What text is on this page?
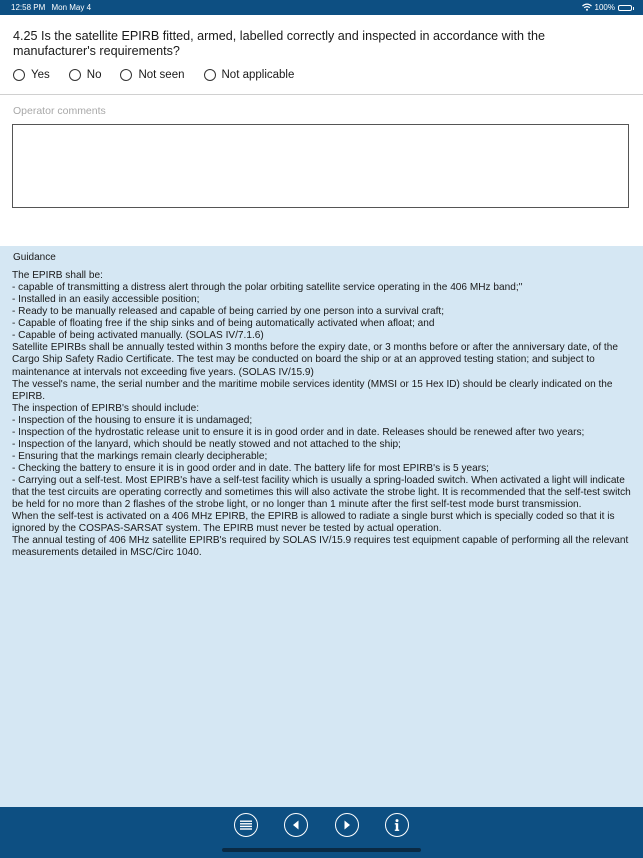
12:58 PM Mon May 4	100%
4.25 Is the satellite EPIRB fitted, armed, labelled correctly and inspected in accordance with the manufacturer's requirements?
Yes	No	Not seen	Not applicable
Operator comments
Guidance
The EPIRB shall be:
- capable of transmitting a distress alert through the polar orbiting satellite service operating in the 406 MHz band;''
- Installed in an easily accessible position;
- Ready to be manually released and capable of being carried by one person into a survival craft;
- Capable of floating free if the ship sinks and of being automatically activated when afloat; and
- Capable of being activated manually. (SOLAS IV/7.1.6)
Satellite EPIRBs shall be annually tested within 3 months before the expiry date, or 3 months before or after the anniversary date, of the Cargo Ship Safety Radio Certificate. The test may be conducted on board the ship or at an approved testing station; and subject to maintenance at intervals not exceeding five years. (SOLAS IV/15.9)
The vessel's name, the serial number and the maritime mobile services identity (MMSI or 15 Hex ID) should be clearly indicated on the EPIRB.
The inspection of EPIRB's should include:
- Inspection of the housing to ensure it is undamaged;
- Inspection of the hydrostatic release unit to ensure it is in good order and in date. Releases should be renewed after two years;
- Inspection of the lanyard, which should be neatly stowed and not attached to the ship;
- Ensuring that the markings remain clearly decipherable;
- Checking the battery to ensure it is in good order and in date. The battery life for most EPIRB's is 5 years;
- Carrying out a self-test. Most EPIRB's have a self-test facility which is usually a spring-loaded switch. When activated a light will indicate that the test circuits are operating correctly and sometimes this will also activate the strobe light. It is recommended that the self-test switch be held for no more than 2 flashes of the strobe light, or no longer than 1 minute after the first self-test mode burst transmission.
When the self-test is activated on a 406 MHz EPIRB, the EPIRB is allowed to radiate a single burst which is specially coded so that it is ignored by the COSPAS-SARSAT system. The EPIRB must never be tested by actual operation.
The annual testing of 406 MHz satellite EPIRB's required by SOLAS IV/15.9 requires test equipment capable of performing all the relevant measurements detailed in MSC/Circ 1040.
